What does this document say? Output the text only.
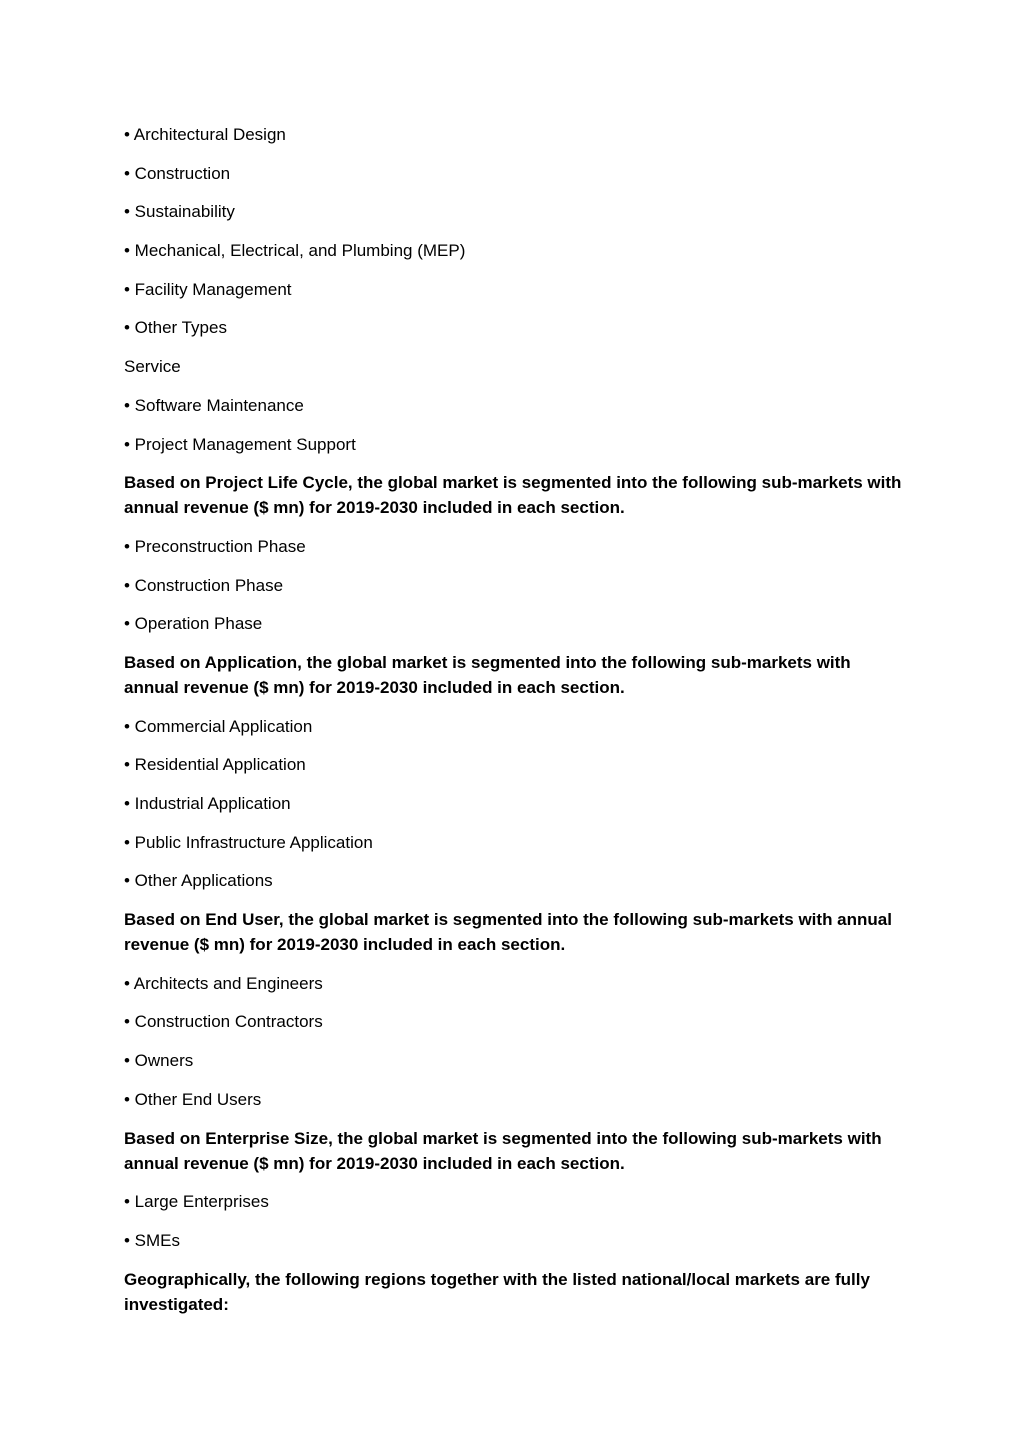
• Architectural Design
• Construction
• Sustainability
• Mechanical, Electrical, and Plumbing (MEP)
• Facility Management
• Other Types
Service
• Software Maintenance
• Project Management Support
Based on Project Life Cycle, the global market is segmented into the following sub-markets with annual revenue ($ mn) for 2019-2030 included in each section.
• Preconstruction Phase
• Construction Phase
• Operation Phase
Based on Application, the global market is segmented into the following sub-markets with annual revenue ($ mn) for 2019-2030 included in each section.
• Commercial Application
• Residential Application
• Industrial Application
• Public Infrastructure Application
• Other Applications
Based on End User, the global market is segmented into the following sub-markets with annual revenue ($ mn) for 2019-2030 included in each section.
• Architects and Engineers
• Construction Contractors
• Owners
• Other End Users
Based on Enterprise Size, the global market is segmented into the following sub-markets with annual revenue ($ mn) for 2019-2030 included in each section.
• Large Enterprises
• SMEs
Geographically, the following regions together with the listed national/local markets are fully investigated:
